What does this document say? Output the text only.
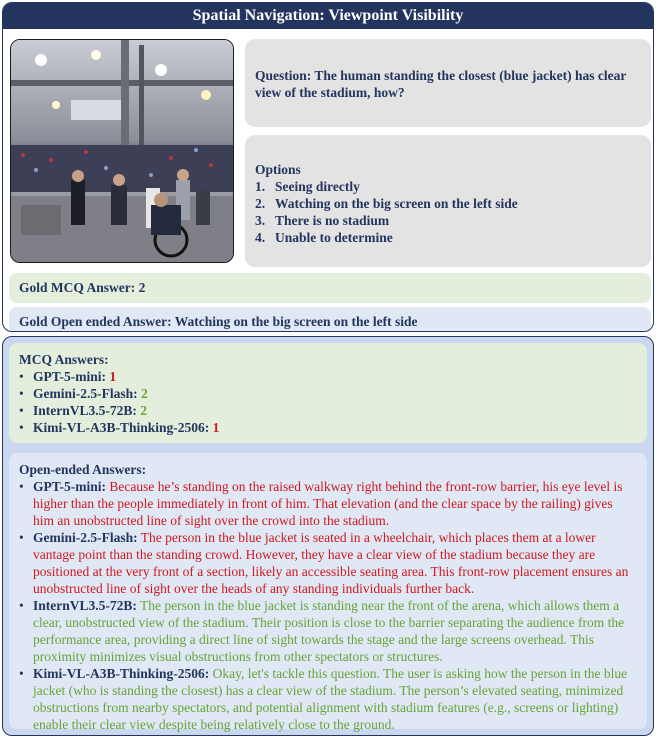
Spatial Navigation: Viewpoint Visibility
Question: The human standing the closest (blue jacket) has clear view of the stadium, how?
Options
1. Seeing directly
2. Watching on the big screen on the left side
3. There is no stadium
4. Unable to determine
Gold MCQ Answer: 2
Gold Open ended Answer: Watching on the big screen on the left side
MCQ Answers:
• GPT-5-mini: 1
• Gemini-2.5-Flash: 2
• InternVL3.5-72B: 2
• Kimi-VL-A3B-Thinking-2506: 1
Open-ended Answers:
• GPT-5-mini: Because he’s standing on the raised walkway right behind the front-row barrier, his eye level is higher than the people immediately in front of him. That elevation (and the clear space by the railing) gives him an unobstructed line of sight over the crowd into the stadium.
• Gemini-2.5-Flash: The person in the blue jacket is seated in a wheelchair, which places them at a lower vantage point than the standing crowd. However, they have a clear view of the stadium because they are positioned at the very front of a section, likely an accessible seating area. This front-row placement ensures an unobstructed line of sight over the heads of any standing individuals further back.
• InternVL3.5-72B: The person in the blue jacket is standing near the front of the arena, which allows them a clear, unobstructed view of the stadium. Their position is close to the barrier separating the audience from the performance area, providing a direct line of sight towards the stage and the large screens overhead. This proximity minimizes visual obstructions from other spectators or structures.
• Kimi-VL-A3B-Thinking-2506: Okay, let's tackle this question. The user is asking how the person in the blue jacket (who is standing the closest) has a clear view of the stadium. The person’s elevated seating, minimized obstructions from nearby spectators, and potential alignment with stadium features (e.g., screens or lighting) enable their clear view despite being relatively close to the ground.
